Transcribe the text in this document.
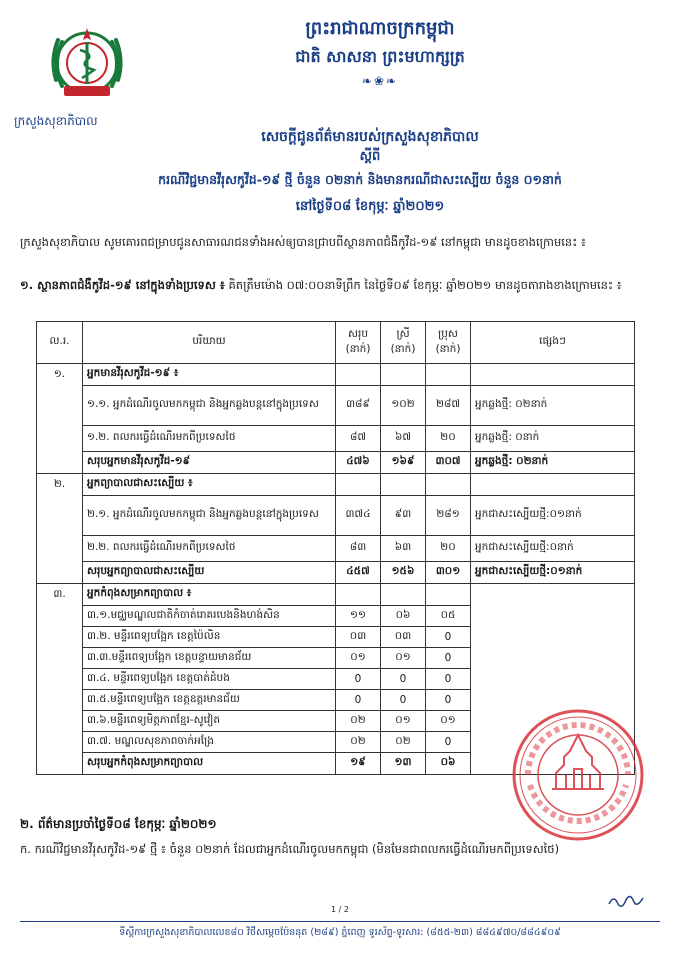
ក្រសួងសុខាភិបាល
ព្រះរាជាណាចក្រកម្ពុជា
ជាតិ សាសនា ព្រះមហាក្សត្រ
❧❀❧
សេចក្តីជូនព័ត៌មានរបស់ក្រសួងសុខាភិបាល
ស្តីពី
ករណីវិជ្ជមានវីរុសកូវីដ-១៩ ថ្មី ចំនួន ០២នាក់ និងមានករណីជាសះស្បើយ ចំនួន ០១នាក់
នៅថ្ងៃទី០៨ ខែកុម្ភៈ ឆ្នាំ២០២១
ក្រសួងសុខាភិបាល សូមគោរពជម្រាបជូនសាធារណជនទាំងអស់ឲ្យបានជ្រាបពីស្ថានភាពជំងឺកូវីដ-១៩ នៅកម្ពុជា មានដូចខាងក្រោមនេះ ៖
១. ស្ថានភាពជំងឺកូវីដ-១៩ នៅក្នុងទាំងប្រទេស ៖ គិតត្រឹមម៉ោង ០៧:០០នាទីព្រឹក នៃថ្ងៃទី០៩ ខែកុម្ភៈ ឆ្នាំ២០២១ មានដូចតារាងខាងក្រោមនេះ ៖
ល.រ.	បរិយាយ	សរុប (នាក់)	ស្រី (នាក់)	ប្រុស (នាក់)	ផ្សេងៗ
១.	អ្នកមានវីរុសកូវីដ-១៩ ៖				
	១.១. អ្នកដំណើរចូលមកកម្ពុជា និងអ្នកឆ្លងបន្តនៅក្នុងប្រទេស	៣៨៩	១០២	២៨៧	អ្នកឆ្លងថ្មី: ០២នាក់
	១.២. ពលករធ្វើដំណើរមកពីប្រទេសថៃ	៨៧	៦៧	២០	អ្នកឆ្លងថ្មី: ០នាក់
	សរុបអ្នកមានវីរុសកូវីដ-១៩	៤៧៦	១៦៩	៣០៧	អ្នកឆ្លងថ្មី: ០២នាក់
២.	អ្នកព្យាបាលជាសះស្បើយ ៖				
	២.១. អ្នកដំណើរចូលមកកម្ពុជា និងអ្នកឆ្លងបន្តនៅក្នុងប្រទេស	៣៧៤	៩៣	២៨១	អ្នកជាសះស្បើយថ្មី:០១នាក់
	២.២. ពលករធ្វើដំណើរមកពីប្រទេសថៃ	៨៣	៦៣	២០	អ្នកជាសះស្បើយថ្មី:០នាក់
	សរុបអ្នកព្យាបាលជាសះស្បើយ	៤៥៧	១៥៦	៣០១	អ្នកជាសះស្បើយថ្មី:០១នាក់
៣.	អ្នកកំពុងសម្រាកព្យាបាល ៖				
	៣.១.មជ្ឈមណ្ឌលជាតិកំចាត់រោគរបេងនិងហង់សិន	១១	០៦	០៥	
	៣.២. មន្ទីរពេទ្យបង្អែក ខេត្តប៉ៃលិន	០៣	០៣	0	
	៣.៣.មន្ទីរពេទ្យបង្អែក ខេត្តបន្ទាយមានជ័យ	០១	០១	0	
	៣.៤. មន្ទីរពេទ្យបង្អែក ខេត្តបាត់ដំបង	0	0	0	
	៣.៥.មន្ទីរពេទ្យបង្អែក ខេត្តឧត្តរមានជ័យ	0	0	0	
	៣.៦.មន្ទីរពេទ្យមិត្តភាពខ្មែរ-សូវៀត	០២	០១	០១	
	៣.៧. មណ្ឌលសុខភាពចាក់អង្រែ	០២	០២	0	
	សរុបអ្នកកំពុងសម្រាកព្យាបាល	១៩	១៣	០៦	
២. ព័ត៌មានប្រចាំថ្ងៃទី០៨ ខែកុម្ភៈ ឆ្នាំ២០២១
ក. ករណីវិជ្ជមានវីរុសកូវីដ-១៩ ថ្មី ៖ ចំនួន ០២នាក់ ដែលជាអ្នកដំណើរចូលមកកម្ពុជា (មិនមែនជាពលករធ្វើដំណើរមកពីប្រទេសថៃ)
1 / 2
ទីស្តីការក្រសួងសុខាភិបាលលេខ៨០ វិថីសម្តេចប៉ែននុត (២៨៩) ភ្នំពេញ ទូរស័ព្ទ-ទូរសារ: (៨៥៥-២៣) ៨៨៤៩៧០/៨៨៤៩០៩
